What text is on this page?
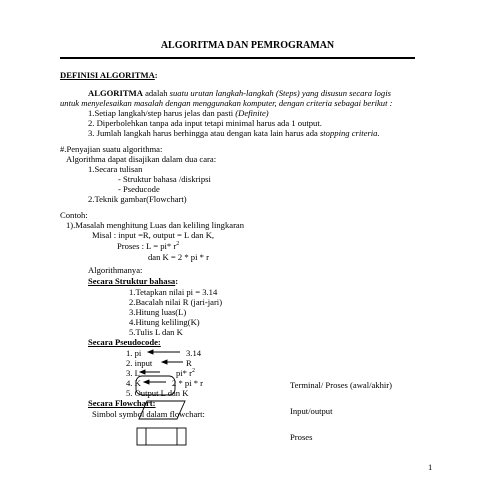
ALGORITMA DAN PEMROGRAMAN
DEFINISI ALGORITMA:
ALGORITMA adalah suatu urutan langkah-langkah (Steps) yang disusun secara logis
untuk menyelesaikan masalah dengan menggunakan komputer, dengan criteria sebagai berikut :
1.Setiap langkah/step harus jelas dan pasti (Definite)
2. Diperbolehkan tanpa ada input tetapi minimal harus ada 1 output.
3. Jumlah langkah harus berhingga atau dengan kata lain harus ada stopping criteria.
#.Penyajian suatu algorithma:
Algorithma dapat disajikan dalam dua cara:
1.Secara tulisan
- Struktur bahasa /diskripsi
- Pseducode
2.Teknik gambar(Flowchart)
Contoh:
1).Masalah menghitung Luas dan keliling lingkaran
Misal : input =R, output = L dan K,
Proses : L = pi* $r^2$
dan K = 2 * pi * r
Algorithmanya:
Secara Struktur bahasa:
1.Tetapkan nilai pi = 3.14
2.Bacalah nilai R (jari-jari)
3.Hitung luas(L)
4.Hitung keliling(K)
5.Tulis L dan K
Secara Pseudocode:
1. pi	3.14
2. input	R
3. L	pi* $r^2$
4. K	2 * pi * r
5. Output L dan K
Secara Flowchart:
Simbol symbol dalam flowchart:
Terminal/ Proses (awal/akhir)
Input/output
Proses
1
